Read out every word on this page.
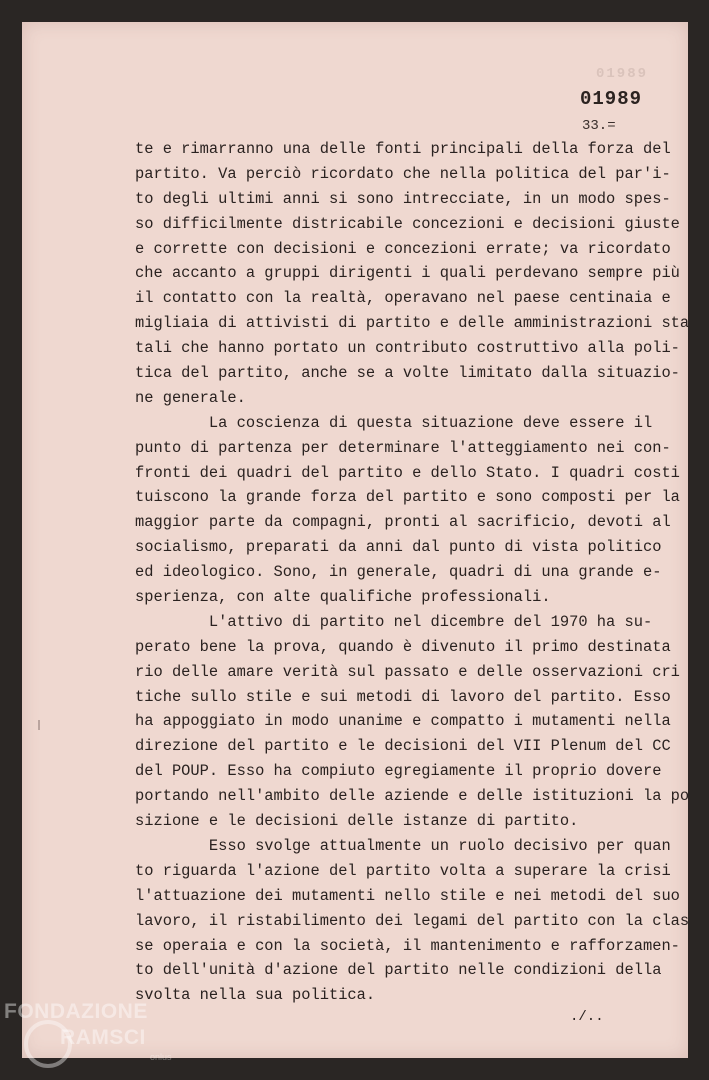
01989
01989
33.=
te e rimarranno una delle fonti principali della forza del
partito. Va perciò ricordato che nella politica del par'i-
to degli ultimi anni si sono intrecciate, in un modo spes-
so difficilmente districabile concezioni e decisioni giuste
e corrette con decisioni e concezioni errate; va ricordato
che accanto a gruppi dirigenti i quali perdevano sempre più
il contatto con la realtà, operavano nel paese centinaia e
migliaia di attivisti di partito e delle amministrazioni sta
tali che hanno portato un contributo costruttivo alla poli-
tica del partito, anche se a volte limitato dalla situazio-
ne generale.
La coscienza di questa situazione deve essere il
punto di partenza per determinare l'atteggiamento nei con-
fronti dei quadri del partito e dello Stato. I quadri costi
tuiscono la grande forza del partito e sono composti per la
maggior parte da compagni, pronti al sacrificio, devoti al
socialismo, preparati da anni dal punto di vista politico
ed ideologico. Sono, in generale, quadri di una grande e-
sperienza, con alte qualifiche professionali.
L'attivo di partito nel dicembre del 1970 ha su-
perato bene la prova, quando è divenuto il primo destinata
rio delle amare verità sul passato e delle osservazioni cri
tiche sullo stile e sui metodi di lavoro del partito. Esso
ha appoggiato in modo unanime e compatto i mutamenti nella
direzione del partito e le decisioni del VII Plenum del CC
del POUP. Esso ha compiuto egregiamente il proprio dovere
portando nell'ambito delle aziende e delle istituzioni la po
sizione e le decisioni delle istanze di partito.
Esso svolge attualmente un ruolo decisivo per quan
to riguarda l'azione del partito volta a superare la crisi
l'attuazione dei mutamenti nello stile e nei metodi del suo
lavoro, il ristabilimento dei legami del partito con la clas
se operaia e con la società, il mantenimento e rafforzamen-
to dell'unità d'azione del partito nelle condizioni della
svolta nella sua politica.
./..
FONDAZIONE
RAMSCI
onlus
